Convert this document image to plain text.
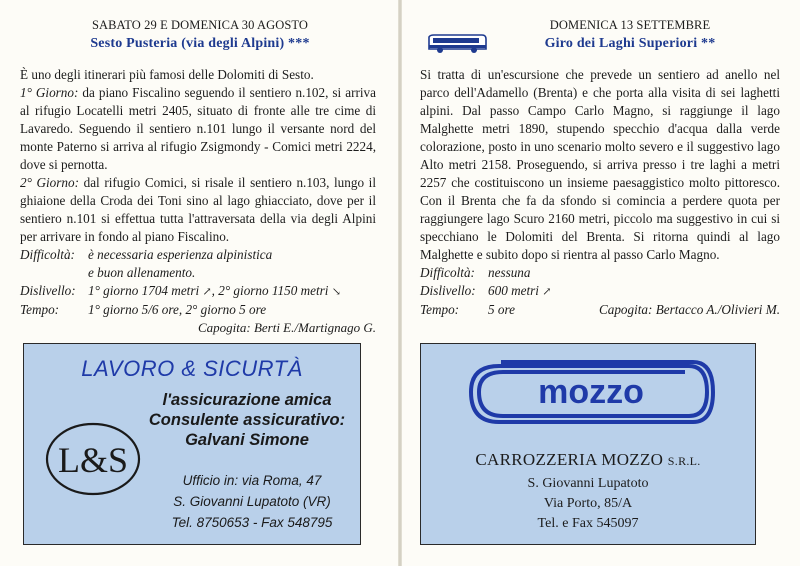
SABATO 29 E DOMENICA 30 AGOSTO
Sesto Pusteria (via degli Alpini) ***

È uno degli itinerari più famosi delle Dolomiti di Sesto.

1° Giorno: da piano Fiscalino seguendo il sentiero n.102, si arriva al rifugio Locatelli metri 2405, situato di fronte alle tre cime di Lavaredo. Seguendo il sentiero n.101 lungo il versante nord del monte Paterno si arriva al rifugio Zsigmondy - Comici metri 2224, dove si pernotta.

2° Giorno: dal rifugio Comici, si risale il sentiero n.103, lungo il ghiaione della Croda dei Toni sino al lago ghiacciato, dove per il sentiero n.101 si effettua tutta l'attraversata della via degli Alpini per arrivare in fondo al piano Fiscalino.

Difficoltà: è necessaria esperienza alpinistica
e buon allenamento.
Dislivello: 1° giorno 1704 metri ↗, 2° giorno 1150 metri ↘
Tempo:	1° giorno 5/6 ore, 2° giorno 5 ore
Capogita: Berti E./Martignago G.
LAVORO & SICURTÀ
L&S
l'assicurazione amica
Consulente assicurativo:
Galvani Simone
Ufficio in: via Roma, 47
S. Giovanni Lupatoto (VR)
Tel. 8750653 - Fax 548795
DOMENICA 13 SETTEMBRE
Giro dei Laghi Superiori **

Si tratta di un'escursione che prevede un sentiero ad anello nel parco dell'Adamello (Brenta) e che porta alla visita di sei laghetti alpini. Dal passo Campo Carlo Magno, si raggiunge il lago Malghette metri 1890, stupendo specchio d'acqua dalla verde colorazione, posto in uno scenario molto severo e il suggestivo lago Alto metri 2158. Proseguendo, si arriva presso i tre laghi a metri 2257 che costituiscono un insieme paesaggistico molto pittoresco. Con il Brenta che fa da sfondo si comincia a perdere quota per raggiungere lago Scuro 2160 metri, piccolo ma suggestivo in cui si specchiano le Dolomiti del Brenta. Si ritorna quindi al lago Malghette e subito dopo si rientra al passo Carlo Magno.

Difficoltà: nessuna
Dislivello: 600 metri ↗
Tempo:	5 ore	Capogita: Bertacco A./Olivieri M.
mozzo
CARROZZERIA MOZZO S.R.L.
S. Giovanni Lupatoto
Via Porto, 85/A
Tel. e Fax 545097
